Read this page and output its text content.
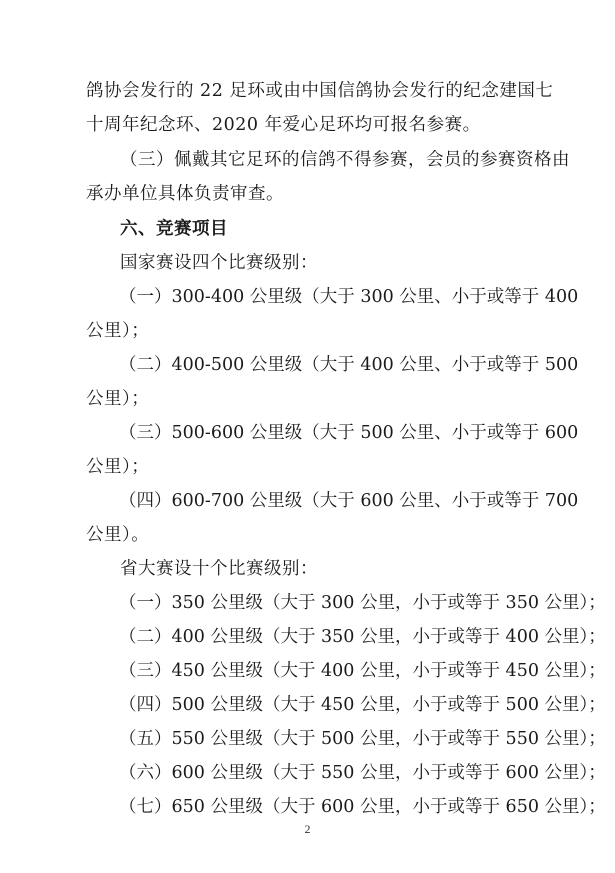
鸽协会发行的 22 足环或由中国信鸽协会发行的纪念建国七
十周年纪念环、2020 年爱心足环均可报名参赛。
（三）佩戴其它足环的信鸽不得参赛，会员的参赛资格由
承办单位具体负责审查。
六、竞赛项目
国家赛设四个比赛级别：
（一）300-400 公里级（大于 300 公里、小于或等于 400
公里）；
（二）400-500 公里级（大于 400 公里、小于或等于 500
公里）；
（三）500-600 公里级（大于 500 公里、小于或等于 600
公里）；
（四）600-700 公里级（大于 600 公里、小于或等于 700
公里）。
省大赛设十个比赛级别：
（一）350 公里级（大于 300 公里，小于或等于 350 公里）；
（二）400 公里级（大于 350 公里，小于或等于 400 公里）；
（三）450 公里级（大于 400 公里，小于或等于 450 公里）；
（四）500 公里级（大于 450 公里，小于或等于 500 公里）；
（五）550 公里级（大于 500 公里，小于或等于 550 公里）；
（六）600 公里级（大于 550 公里，小于或等于 600 公里）；
（七）650 公里级（大于 600 公里，小于或等于 650 公里）；
2
